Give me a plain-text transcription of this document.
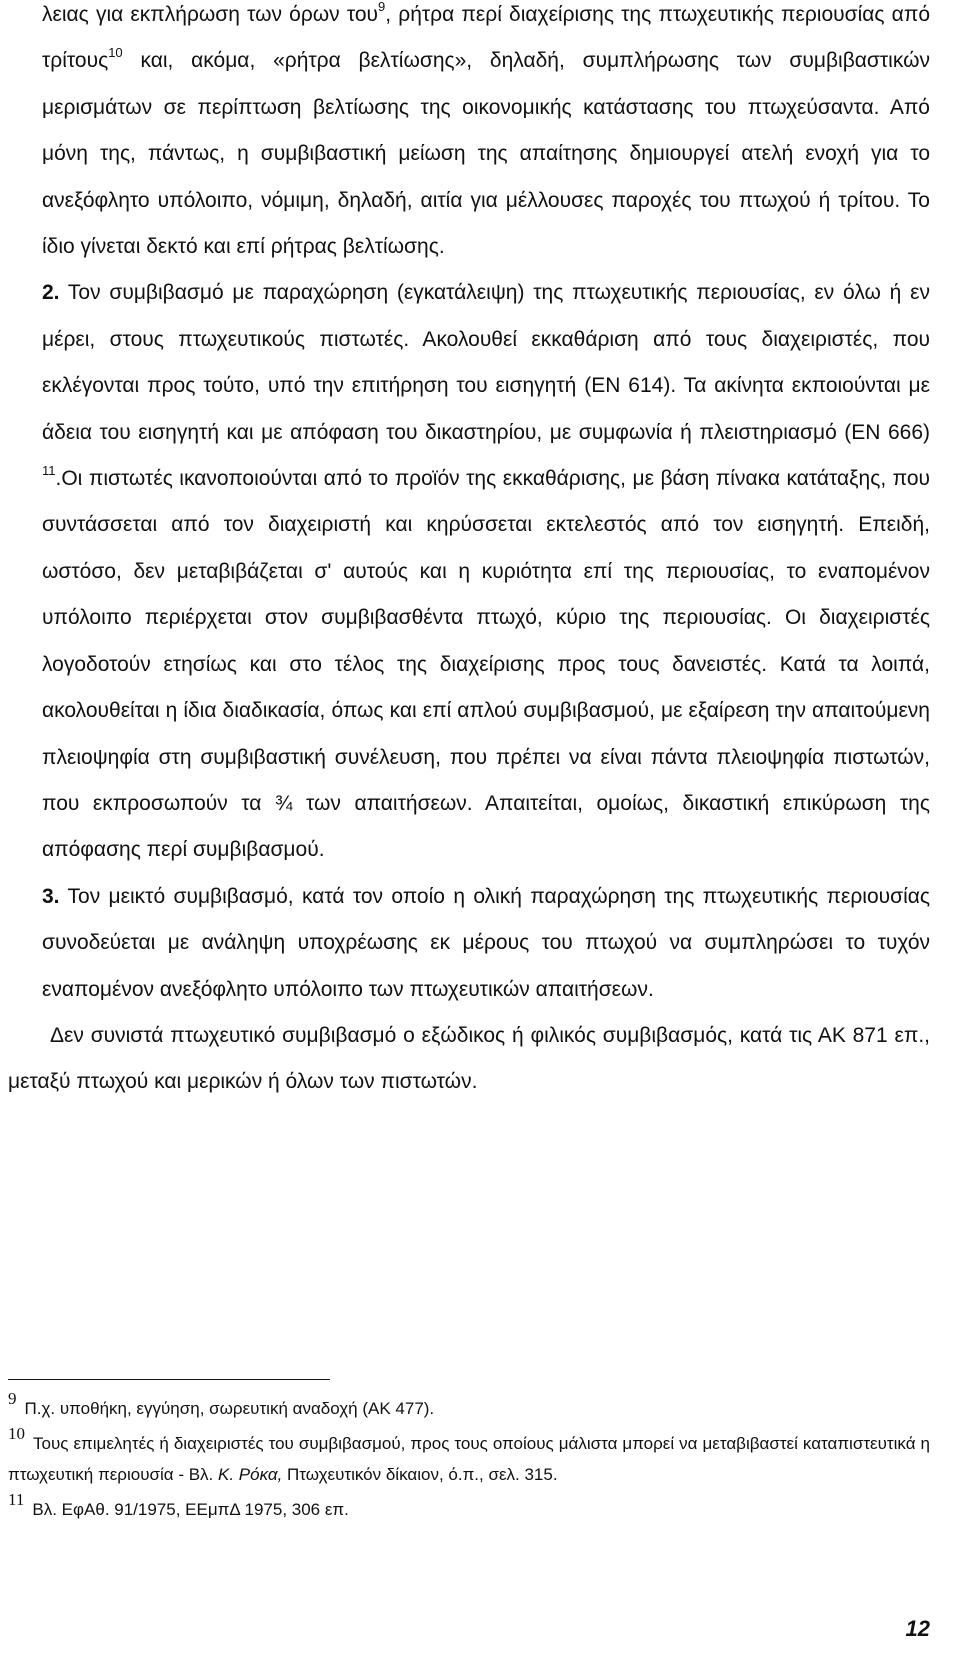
λειας για εκπλήρωση των όρων του$^9$, ρήτρα περί διαχείρισης της πτωχευτικής περιουσίας από τρίτους$^{10}$ και, ακόμα, «ρήτρα βελτίωσης», δηλαδή, συμπλήρωσης των συμβιβαστικών μερισμάτων σε περίπτωση βελτίωσης της οικονομικής κατάστασης του πτωχεύσαντα. Από μόνη της, πάντως, η συμβιβαστική μείωση της απαίτησης δημιουργεί ατελή ενοχή για το ανεξόφλητο υπόλοιπο, νόμιμη, δηλαδή, αιτία για μέλλουσες παροχές του πτωχού ή τρίτου. Το ίδιο γίνεται δεκτό και επί ρήτρας βελτίωσης.

2. Τον συμβιβασμό με παραχώρηση (εγκατάλειψη) της πτωχευτικής περιουσίας, εν όλω ή εν μέρει, στους πτωχευτικούς πιστωτές. Ακολουθεί εκκαθάριση από τους διαχειριστές, που εκλέγονται προς τούτο, υπό την επιτήρηση του εισηγητή (ΕΝ 614). Τα ακίνητα εκποιούνται με άδεια του εισηγητή και με απόφαση του δικαστηρίου, με συμφωνία ή πλειστηριασμό (ΕΝ 666) $^{11}$.Οι πιστωτές ικανοποιούνται από το προϊόν της εκκαθάρισης, με βάση πίνακα κατάταξης, που συντάσσεται από τον διαχειριστή και κηρύσσεται εκτελεστός από τον εισηγητή. Επειδή, ωστόσο, δεν μεταβιβάζεται σ' αυτούς και η κυριότητα επί της περιουσίας, το εναπομένον υπόλοιπο περιέρχεται στον συμβιβασθέντα πτωχό, κύριο της περιουσίας. Οι διαχειριστές λογοδοτούν ετησίως και στο τέλος της διαχείρισης προς τους δανειστές. Κατά τα λοιπά, ακολουθείται η ίδια διαδικασία, όπως και επί απλού συμβιβασμού, με εξαίρεση την απαιτούμενη πλειοψηφία στη συμβιβαστική συνέλευση, που πρέπει να είναι πάντα πλειοψηφία πιστωτών, που εκπροσωπούν τα ¾ των απαιτήσεων. Απαιτείται, ομοίως, δικαστική επικύρωση της απόφασης περί συμβιβασμού.

3. Τον μεικτό συμβιβασμό, κατά τον οποίο η ολική παραχώρηση της πτωχευτικής περιουσίας συνοδεύεται με ανάληψη υποχρέωσης εκ μέρους του πτωχού να συμπληρώσει το τυχόν εναπομένον ανεξόφλητο υπόλοιπο των πτωχευτικών απαιτήσεων.

Δεν συνιστά πτωχευτικό συμβιβασμό ο εξώδικος ή φιλικός συμβιβασμός, κατά τις ΑΚ 871 επ., μεταξύ πτωχού και μερικών ή όλων των πιστωτών.

9Π.χ. υποθήκη, εγγύηση, σωρευτική αναδοχή (ΑΚ 477).

10Τους επιμελητές ή διαχειριστές του συμβιβασμού, προς τους οποίους μάλιστα μπορεί να μεταβιβαστεί καταπιστευτικά η πτωχευτική περιουσία - Βλ. Κ. Ρόκα, Πτωχευτικόν δίκαιον, ό.π., σελ. 315.

11Βλ. ΕφΑθ. 91/1975, ΕΕμπΔ 1975, 306 επ.

12
